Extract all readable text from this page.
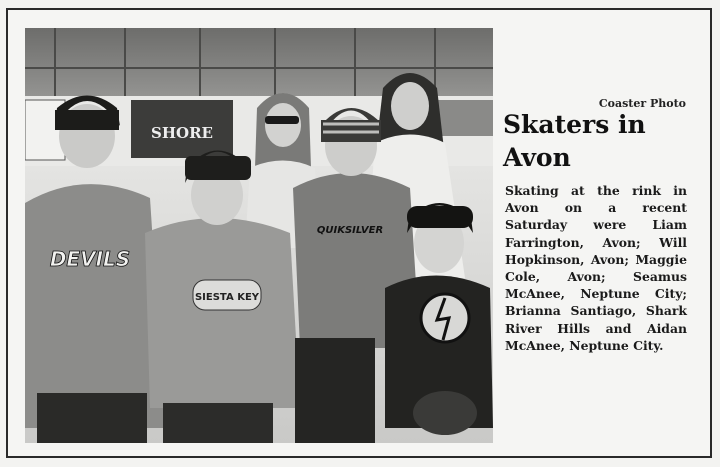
SHORE
DEVILS
SIESTA KEY
QUIKSILVER
Coaster Photo
Skaters in Avon
Skating at the rink in Avon on a recent Saturday were Liam Farrington, Avon; Will Hopkinson, Avon; Maggie Cole, Avon; Seamus McAnee, Neptune City; Brianna Santiago, Shark River Hills and Aidan McAnee, Neptune City.
